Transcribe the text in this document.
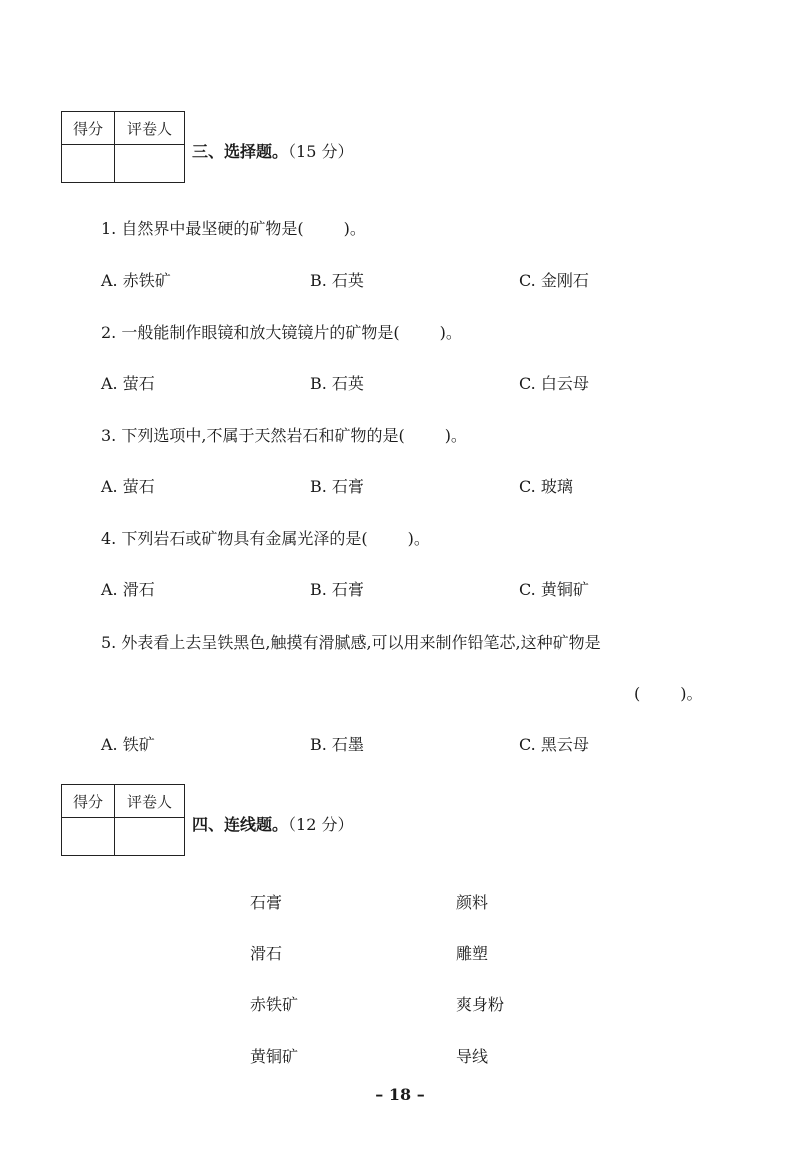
得分	评卷人
三、选择题。（15 分）
1. 自然界中最坚硬的矿物是(	)。
A. 赤铁矿	B. 石英	C. 金刚石
2. 一般能制作眼镜和放大镜镜片的矿物是(	)。
A. 萤石	B. 石英	C. 白云母
3. 下列选项中,不属于天然岩石和矿物的是(	)。
A. 萤石	B. 石膏	C. 玻璃
4. 下列岩石或矿物具有金属光泽的是(	)。
A. 滑石	B. 石膏	C. 黄铜矿
5. 外表看上去呈铁黑色,触摸有滑腻感,可以用来制作铅笔芯,这种矿物是
(	)。
A. 铁矿	B. 石墨	C. 黑云母
得分	评卷人
四、连线题。（12 分）
石膏
滑石
赤铁矿
黄铜矿
颜料
雕塑
爽身粉
导线
– 18 –
